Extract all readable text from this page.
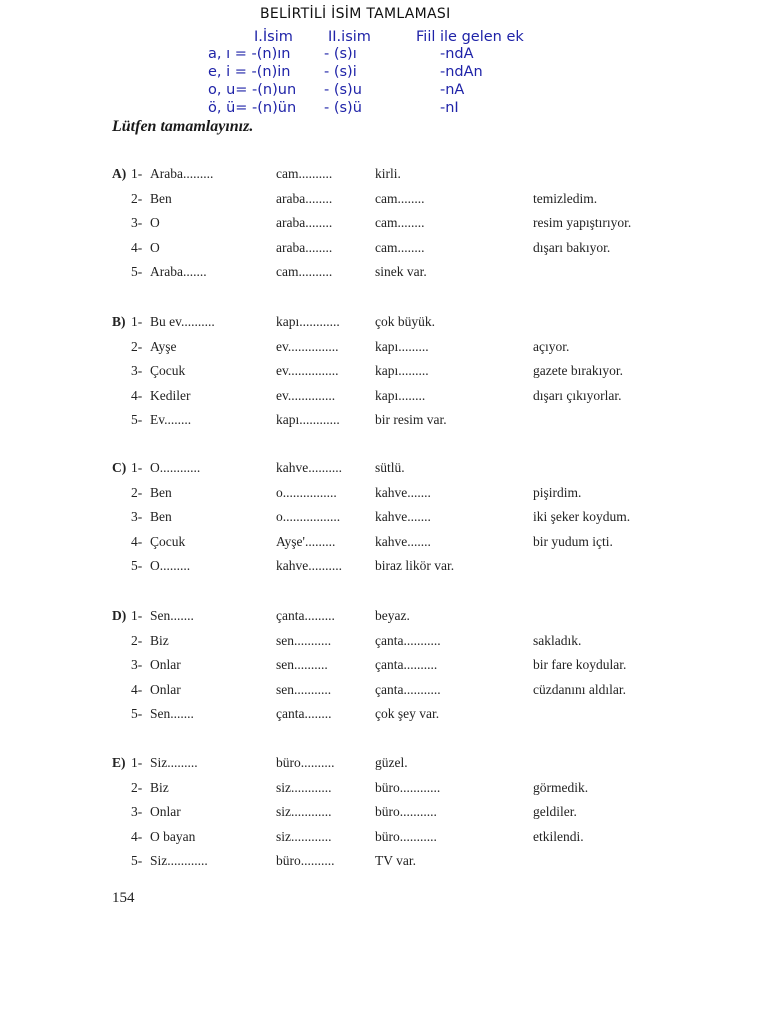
BELİRTİLİ İSİM TAMLAMASI
I.İsim II.isim	Fiil ile gelen ek
a, ı = -(n)ın - (s)ı	-ndA
e, i = -(n)in - (s)i	-ndAn
o, u= -(n)un - (s)u	-nA
ö, ü= -(n)ün - (s)ü	-nI
Lütfen tamamlayınız.
A) 1- Araba.........	cam..........	kirli.
2- Ben	araba........	cam........	temizledim.
3- O	araba........	cam........	resim yapıştırıyor.
4- O	araba........	cam........	dışarı bakıyor.
5- Araba.......	cam..........	sinek var.
B) 1- Bu ev..........	kapı............	çok büyük.
2- Ayşe	ev...............	kapı.........	açıyor.
3- Çocuk	ev...............	kapı.........	gazete bırakıyor.
4- Kediler	ev..............	kapı........	dışarı çıkıyorlar.
5- Ev........	kapı............	bir resim var.
C) 1- O............	kahve.......... sütlü.
2- Ben	o................	kahve.......	pişirdim.
3- Ben	o.................	kahve.......	iki şeker koydum.
4- Çocuk	Ayşe'.........	kahve.......	bir yudum içti.
5- O.........	kahve.......... biraz likör var.
D) 1- Sen.......	çanta.........	beyaz.
2- Biz	sen...........	çanta...........	sakladık.
3- Onlar	sen..........	çanta..........	bir fare koydular.
4- Onlar	sen...........	çanta...........	cüzdanını aldılar.
5- Sen.......	çanta........	çok şey var.
E) 1- Siz.........	büro..........	güzel.
2- Biz	siz............	büro............	görmedik.
3- Onlar	siz............	büro...........	geldiler.
4- O bayan	siz............	büro...........	etkilendi.
5- Siz............	büro..........	TV var.
154
